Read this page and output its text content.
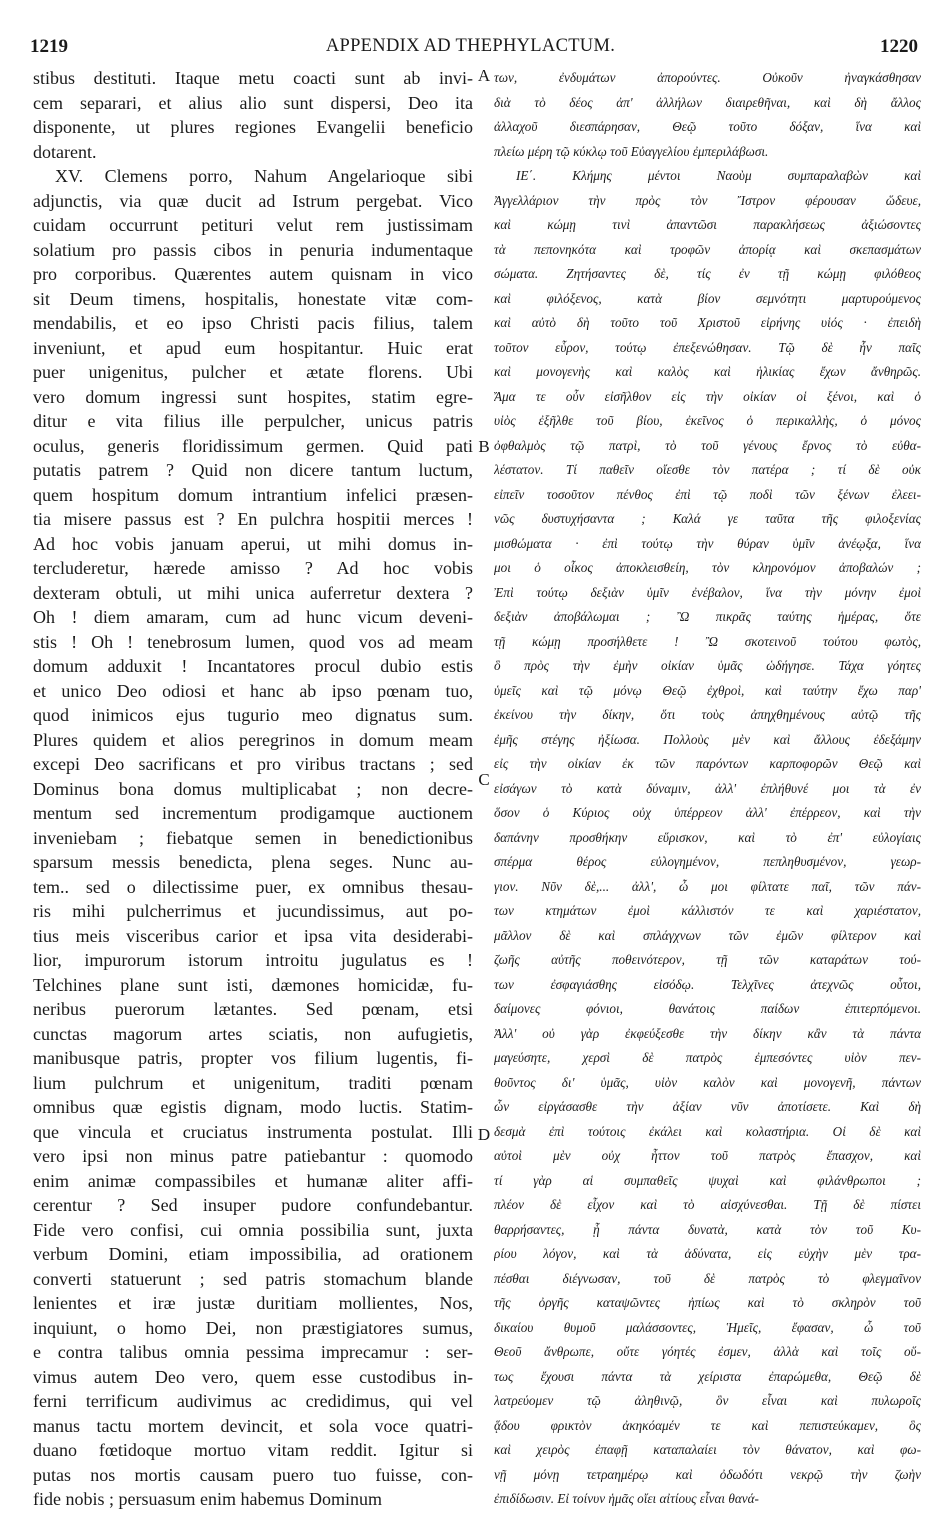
1219	APPENDIX AD THEPHYLACTUM.	1220
stibus destituti. Itaque metu coacti sunt ab invi-
cem separari, et alius alio sunt dispersi, Deo ita
disponente, ut plures regiones Evangelii beneficio
dotarent.
XV. Clemens porro, Nahum Angelarioque sibi
adjunctis, via quæ ducit ad Istrum pergebat. Vico
cuidam occurrunt petituri velut rem justissimam
solatium pro passis cibos in penuria indumentaque
pro corporibus. Quærentes autem quisnam in vico
sit Deum timens, hospitalis, honestate vitæ com-
mendabilis, et eo ipso Christi pacis filius, talem
inveniunt, et apud eum hospitantur. Huic erat
puer unigenitus, pulcher et ætate florens. Ubi
vero domum ingressi sunt hospites, statim egre-
ditur e vita filius ille perpulcher, unicus patris
oculus, generis floridissimum germen. Quid pati
putatis patrem ? Quid non dicere tantum luctum,
quem hospitum domum intrantium infelici præsen-
tia misere passus est ? En pulchra hospitii merces !
Ad hoc vobis januam aperui, ut mihi domus in-
tercluderetur, hærede amisso ? Ad hoc vobis
dexteram obtuli, ut mihi unica auferretur dextera ?
Oh ! diem amaram, cum ad hunc vicum deveni-
stis ! Oh ! tenebrosum lumen, quod vos ad meam
domum adduxit ! Incantatores procul dubio estis
et unico Deo odiosi et hanc ab ipso pœnam tuo,
quod inimicos ejus tugurio meo dignatus sum.
Plures quidem et alios peregrinos in domum meam
excepi Deo sacrificans et pro viribus tractans ; sed
Dominus bona domus multiplicabat ; non decre-
mentum sed incrementum prodigamque auctionem
inveniebam ; fiebatque semen in benedictionibus
sparsum messis benedicta, plena seges. Nunc au-
tem.. sed o dilectissime puer, ex omnibus thesau-
ris mihi pulcherrimus et jucundissimus, aut po-
tius meis visceribus carior et ipsa vita desiderabi-
lior, impurorum istorum introitu jugulatus es !
Telchines plane sunt isti, dæmones homicidæ, fu-
neribus puerorum lætantes. Sed pœnam, etsi
cunctas magorum artes sciatis, non aufugietis,
manibusque patris, propter vos filium lugentis, fi-
lium pulchrum et unigenitum, traditi pœnam
omnibus quæ egistis dignam, modo luctis. Statim-
que vincula et cruciatus instrumenta postulat. Illi
vero ipsi non minus patre patiebantur : quomodo
enim animæ compassibiles et humanæ aliter affi-
cerentur ? Sed insuper pudore confundebantur.
Fide vero confisi, cui omnia possibilia sunt, juxta
verbum Domini, etiam impossibilia, ad orationem
converti statuerunt ; sed patris stomachum blande
lenientes et iræ justæ duritiam mollientes, Nos,
inquiunt, o homo Dei, non præstigiatores sumus,
e contra talibus omnia pessima imprecamur : ser-
vimus autem Deo vero, quem esse custodibus in-
ferni terrificum audivimus ac credidimus, qui vel
manus tactu mortem devincit, et sola voce quatri-
duano fœtidoque mortuo vitam reddit. Igitur si
putas nos mortis causam puero tuo fuisse, con-
fide nobis ; persuasum enim habemus Dominum
A
B
C
D
των, ἐνδυμάτων ἀπορούντες. Οὐκοῦν ἠναγκάσθησαν
διὰ τὸ δέος ἀπ' ἀλλήλων διαιρεθῆναι, καὶ δὴ ἄλλος
ἀλλαχοῦ διεσπάρησαν, Θεῷ τοῦτο δόξαν, ἵνα καὶ
πλείω μέρη τῷ κύκλῳ τοῦ Εὐαγγελίου ἐμπεριλάβωσι.
ΙΕ΄. Κλήμης μέντοι Ναοὺμ συμπαραλαβὼν καὶ
Ἀγγελλάριον τὴν πρὸς τὸν Ἴστρον φέρουσαν ὥδευε,
καὶ κώμῃ τινὶ ἀπαντῶσι παρακλήσεως ἀξιώσοντες
τὰ πεπονηκότα καὶ τροφῶν ἀπορίᾳ καὶ σκεπασμάτων
σώματα. Ζητήσαντες δὲ, τίς ἐν τῇ κώμῃ φιλόθεος
καὶ φιλόξενος, κατὰ βίον σεμνότητι μαρτυρούμενος
καὶ αὐτὸ δὴ τοῦτο τοῦ Χριστοῦ εἰρήνης υἱός · ἐπειδὴ
τοῦτον εὗρον, τούτῳ ἐπεξενώθησαν. Τῷ δὲ ἦν παῖς
καὶ μονογενὴς καὶ καλὸς καὶ ἡλικίας ἔχων ἄνθηρῶς.
Ἅμα τε οὖν εἰσῆλθον εἰς τὴν οἰκίαν οἱ ξένοι, καὶ ὁ
υἱὸς ἐξῆλθε τοῦ βίου, ἐκεῖνος ὁ περικαλλὴς, ὁ μόνος
ὀφθαλμὸς τῷ πατρὶ, τὸ τοῦ γένους ἔρνος τὸ εὐθα-
λέστατον. Τί παθεῖν οἴεσθε τὸν πατέρα ; τί δὲ οὐκ
εἰπεῖν τοσοῦτον πένθος ἐπὶ τῷ ποδὶ τῶν ξένων ἐλεει-
νῶς δυστυχήσαντα ; Καλά γε ταῦτα τῆς φιλοξενίας
μισθώματα · ἐπὶ τούτῳ τὴν θύραν ὑμῖν ἀνέῳξα, ἵνα
μοι ὁ οἶκος ἀποκλεισθείη, τὸν κληρονόμον ἀποβαλών ;
Ἐπὶ τούτῳ δεξιὰν ὑμῖν ἐνέβαλον, ἵνα τὴν μόνην ἐμοὶ
δεξιὰν ἀποβάλωμαι ; Ὢ πικρᾶς ταύτης ἡμέρας, ὅτε
τῇ κώμῃ προσήλθετε ! Ὢ σκοτεινοῦ τούτου φωτὸς,
ὃ πρὸς τὴν ἐμὴν οἰκίαν ὑμᾶς ὡδήγησε. Τάχα γόητες
ὑμεῖς καὶ τῷ μόνῳ Θεῷ ἐχθροὶ, καὶ ταύτην ἔχω παρ'
ἐκείνου τὴν δίκην, ὅτι τοὺς ἀπηχθημένους αὐτῷ τῆς
ἐμῆς στέγης ἠξίωσα. Πολλοὺς μὲν καὶ ἄλλους ἐδεξάμην
εἰς τὴν οἰκίαν ἐκ τῶν παρόντων καρποφορῶν Θεῷ καὶ
εἰσάγων τὸ κατὰ δύναμιν, ἀλλ' ἐπλήθυνέ μοι τὰ ἐν
ὅσον ὁ Κύριος οὐχ ὑπέρρεον ἀλλ' ἐπέρρεον, καὶ τὴν
δαπάνην προσθήκην εὕρισκον, καὶ τὸ ἐπ' εὐλογίαις
σπέρμα θέρος εὐλογημένον, πεπληθυσμένον, γεωρ-
γιον. Νῦν δὲ,... ἀλλ', ὦ μοι φίλτατε παῖ, τῶν πάν-
των κτημάτων ἐμοὶ κάλλιστόν τε καὶ χαριέστατον,
μᾶλλον δὲ καὶ σπλάγχνων τῶν ἐμῶν φίλτερον καὶ
ζωῆς αὐτῆς ποθεινότερον, τῇ τῶν καταράτων τού-
των ἐσφαγιάσθης εἰσόδῳ. Τελχῖνες ἀτεχνῶς οὗτοι,
δαίμονες φόνιοι, θανάτοις παίδων ἐπιτερπόμενοι.
Ἀλλ' οὐ γὰρ ἐκφεύξεσθε τὴν δίκην κἂν τὰ πάντα
μαγεύσητε, χερσὶ δὲ πατρὸς ἐμπεσόντες υἱὸν πεν-
θοῦντος δι' ὑμᾶς, υἱὸν καλὸν καὶ μονογενῆ, πάντων
ὧν εἰργάσασθε τὴν ἀξίαν νῦν ἀποτίσετε. Καὶ δὴ
δεσμὰ ἐπὶ τούτοις ἐκάλει καὶ κολαστήρια. Οἱ δὲ καὶ
αὐτοὶ μὲν οὐχ ἧττον τοῦ πατρὸς ἔπασχον, καὶ
τί γὰρ αἱ συμπαθεῖς ψυχαὶ καὶ φιλάνθρωποι ;
πλέον δὲ εἶχον καὶ τὸ αἰσχύνεσθαι. Τῇ δὲ πίστει
θαρρήσαντες, ᾗ πάντα δυνατὰ, κατὰ τὸν τοῦ Κυ-
ρίου λόγον, καὶ τὰ ἀδύνατα, εἰς εὐχὴν μὲν τρα-
πέσθαι διέγνωσαν, τοῦ δὲ πατρὸς τὸ φλεγμαῖνον
τῆς ὀργῆς καταψῶντες ἠπίως καὶ τὸ σκληρὸν τοῦ
δικαίου θυμοῦ μαλάσσοντες, Ἡμεῖς, ἔφασαν, ὦ τοῦ
Θεοῦ ἄνθρωπε, οὔτε γόητές ἐσμεν, ἀλλὰ καὶ τοῖς οὕ-
τως ἔχουσι πάντα τὰ χείριστα ἐπαρώμεθα, Θεῷ δὲ
λατρεύομεν τῷ ἀληθινῷ, ὃν εἶναι καὶ πυλωροῖς
ᾅδου φρικτὸν ἀκηκόαμέν τε καὶ πεπιστεύκαμεν, ὃς
καὶ χειρὸς ἐπαφῇ καταπαλαίει τὸν θάνατον, καὶ φω-
νῇ μόνῃ τετραημέρῳ καὶ ὀδωδότι νεκρῷ τὴν ζωὴν
ἐπιδίδωσιν. Εἰ τοίνυν ἡμᾶς οἴει αἰτίους εἶναι θανά-
